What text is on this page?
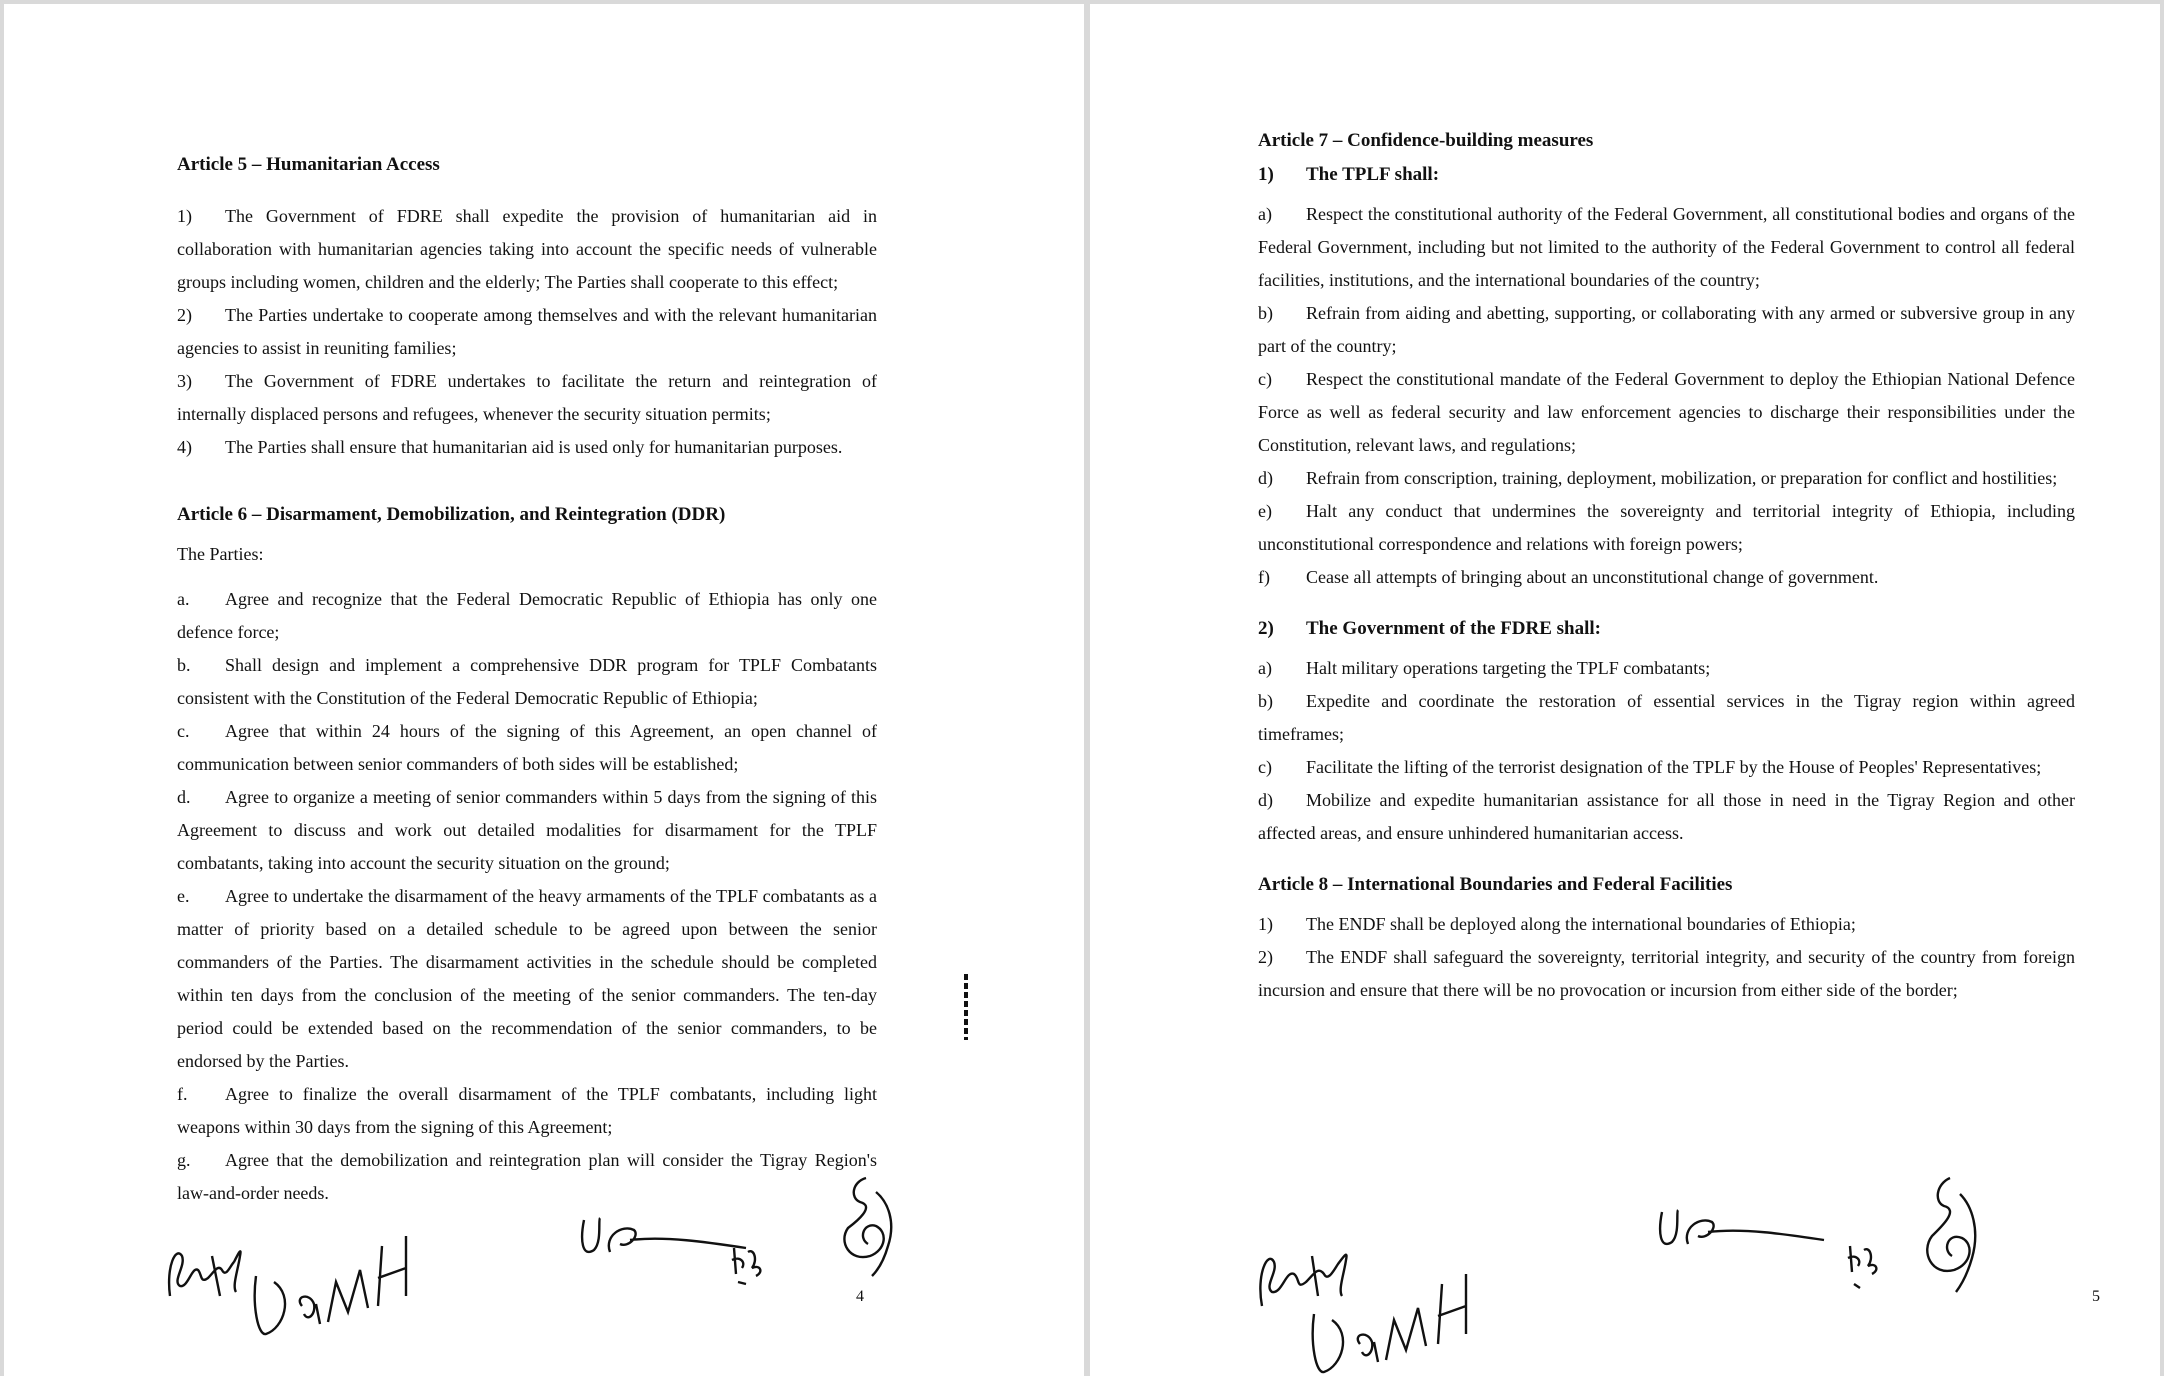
Article 5 – Humanitarian Access

1) The Government of FDRE shall expedite the provision of humanitarian aid in collaboration with humanitarian agencies taking into account the specific needs of vulnerable groups including women, children and the elderly; The Parties shall cooperate to this effect;

2) The Parties undertake to cooperate among themselves and with the relevant humanitarian agencies to assist in reuniting families;

3) The Government of FDRE undertakes to facilitate the return and reintegration of internally displaced persons and refugees, whenever the security situation permits;

4) The Parties shall ensure that humanitarian aid is used only for humanitarian purposes.

Article 6 – Disarmament, Demobilization, and Reintegration (DDR)

The Parties:

a. Agree and recognize that the Federal Democratic Republic of Ethiopia has only one defence force;

b. Shall design and implement a comprehensive DDR program for TPLF Combatants consistent with the Constitution of the Federal Democratic Republic of Ethiopia;

c. Agree that within 24 hours of the signing of this Agreement, an open channel of communication between senior commanders of both sides will be established;

d. Agree to organize a meeting of senior commanders within 5 days from the signing of this Agreement to discuss and work out detailed modalities for disarmament for the TPLF combatants, taking into account the security situation on the ground;

e. Agree to undertake the disarmament of the heavy armaments of the TPLF combatants as a matter of priority based on a detailed schedule to be agreed upon between the senior commanders of the Parties. The disarmament activities in the schedule should be completed within ten days from the conclusion of the meeting of the senior commanders. The ten-day period could be extended based on the recommendation of the senior commanders, to be endorsed by the Parties.

f. Agree to finalize the overall disarmament of the TPLF combatants, including light weapons within 30 days from the signing of this Agreement;

g. Agree that the demobilization and reintegration plan will consider the Tigray Region's law-and-order needs.

4
Article 7 – Confidence-building measures
1)	The TPLF shall:

a) Respect the constitutional authority of the Federal Government, all constitutional bodies and organs of the Federal Government, including but not limited to the authority of the Federal Government to control all federal facilities, institutions, and the international boundaries of the country;

b) Refrain from aiding and abetting, supporting, or collaborating with any armed or subversive group in any part of the country;

c) Respect the constitutional mandate of the Federal Government to deploy the Ethiopian National Defence Force as well as federal security and law enforcement agencies to discharge their responsibilities under the Constitution, relevant laws, and regulations;

d) Refrain from conscription, training, deployment, mobilization, or preparation for conflict and hostilities;

e) Halt any conduct that undermines the sovereignty and territorial integrity of Ethiopia, including unconstitutional correspondence and relations with foreign powers;

f) Cease all attempts of bringing about an unconstitutional change of government.

2)	The Government of the FDRE shall:

a) Halt military operations targeting the TPLF combatants;

b) Expedite and coordinate the restoration of essential services in the Tigray region within agreed timeframes;

c) Facilitate the lifting of the terrorist designation of the TPLF by the House of Peoples' Representatives;

d) Mobilize and expedite humanitarian assistance for all those in need in the Tigray Region and other affected areas, and ensure unhindered humanitarian access.

Article 8 – International Boundaries and Federal Facilities

1) The ENDF shall be deployed along the international boundaries of Ethiopia;

2) The ENDF shall safeguard the sovereignty, territorial integrity, and security of the country from foreign incursion and ensure that there will be no provocation or incursion from either side of the border;

5
